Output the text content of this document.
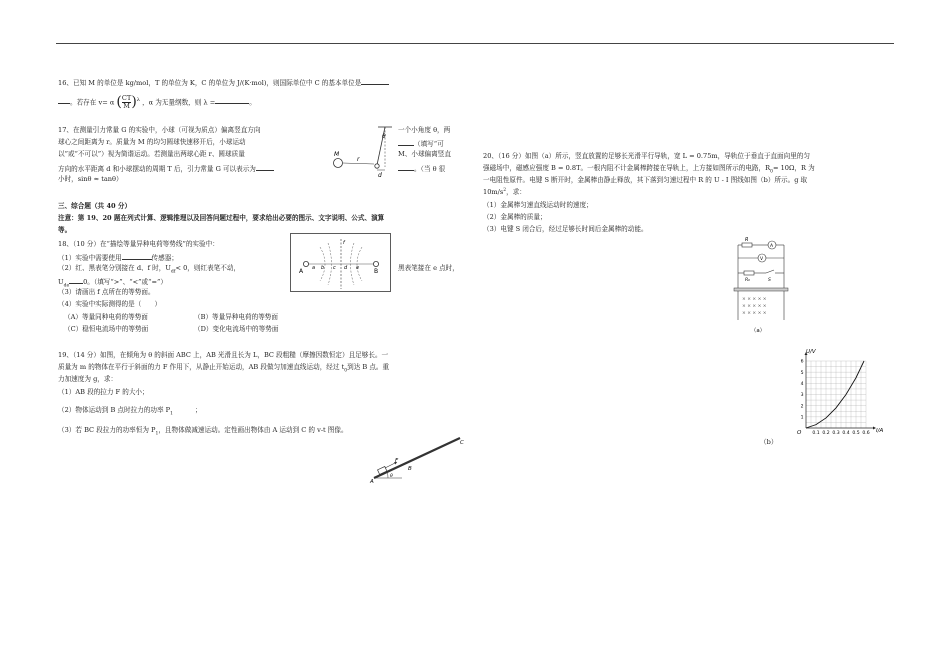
16、已知 M 的单位是 kg/mol，T 的单位为 K，C 的单位为 J/(K·mol)，则国际单位中 C 的基本单位是
。若存在 v= α ( $\frac{CT}{M} )^\lambda$ ，α 为无量纲数，则 λ =	。
17、在测量引力常量 G 的实验中，小球（可视为质点）偏离竖直方向	一个小角度 θ，两
球心之间距离为 r。质量为 M 的均匀圆球快速移开后，小球运动	（填写“可
以”或“不可以”）视为简谐运动。若测量出两球心距 r、圆球质量	M、小球偏离竖直
方向的水平距离 d 和小球摆动的周期 T 后，引力常量 G 可以表示为	。（当 θ 很
小时，sinθ ≈ tanθ）
θ
M
r
d
三、综合题（共 40 分）
注意：第 19、20 题在列式计算、逻辑推理以及回答问题过程中，要求给出必要的图示、文字说明、公式、演算
等。
18、（10 分）在“描绘等量异种电荷等势线”的实验中：
（1）实验中需要使用	传感器；
（2）红、黑表笔分别接在 d、f 时，$U_{df}< 0$，则红表笔不动，	黑表笔接在 e 点时，
$U_{de}$ 0。（填写“>”、“<”或“=”）
（3）请画出 f 点所在的等势面。
（4）实验中实际测得的是（　　）
（A）等量同种电荷的等势面	（B）等量异种电荷的等势面
（C）稳恒电流场中的等势面	（D）变化电流场中的等势面
A	B
a b c d e
f
19、（14 分）如图，在倾角为 θ 的斜面 ABC 上，AB 光滑且长为 L，BC 段粗糙（摩擦因数恒定）且足够长。一
质量为 m 的物体在平行于斜面的力 F 作用下，从静止开始运动，AB 段做匀加速直线运动，经过 $t_0$到达 B 点。重
力加速度为 g，求：
（1）AB 段的拉力 F 的大小；
（2）物体运动到 B 点时拉力的功率 $P_1$	；
（3）若 BC 段拉力的功率恒为 $P_1$，且物体做减速运动。定性画出物体由 A 运动到 C 的 v-t 图像。
A
B
C
F
θ
20、（16 分）如图（a）所示，竖直放置的足够长光滑平行导轨，宽 L = 0.75m，导轨位于垂直于直面向里的匀
强磁场中，磁感应强度 B = 0.8T。一根内阻不计金属棒跨接在导轨上，上方接如图所示的电路，$R_0= 10\Omega$，R 为
一电阻性原件。电键 S 断开时，金属棒由静止释放，其下落到匀速过程中 R 的 U - I 图线如图（b）所示。g 取
$10m/s^2$，求：
（1）金属棒匀速直线运动时的速度；
（2）金属棒的质量；
（3）电键 S 闭合后，经过足够长时间后金属棒的动能。
× × × × ×
× × × × ×
× × × × ×
R
A
V
R₀	S
（a）
0.1 0.2 0.3 0.4 0.5 0.6
1
2
3
4
5
6
U/V
I/A
O
（b）
